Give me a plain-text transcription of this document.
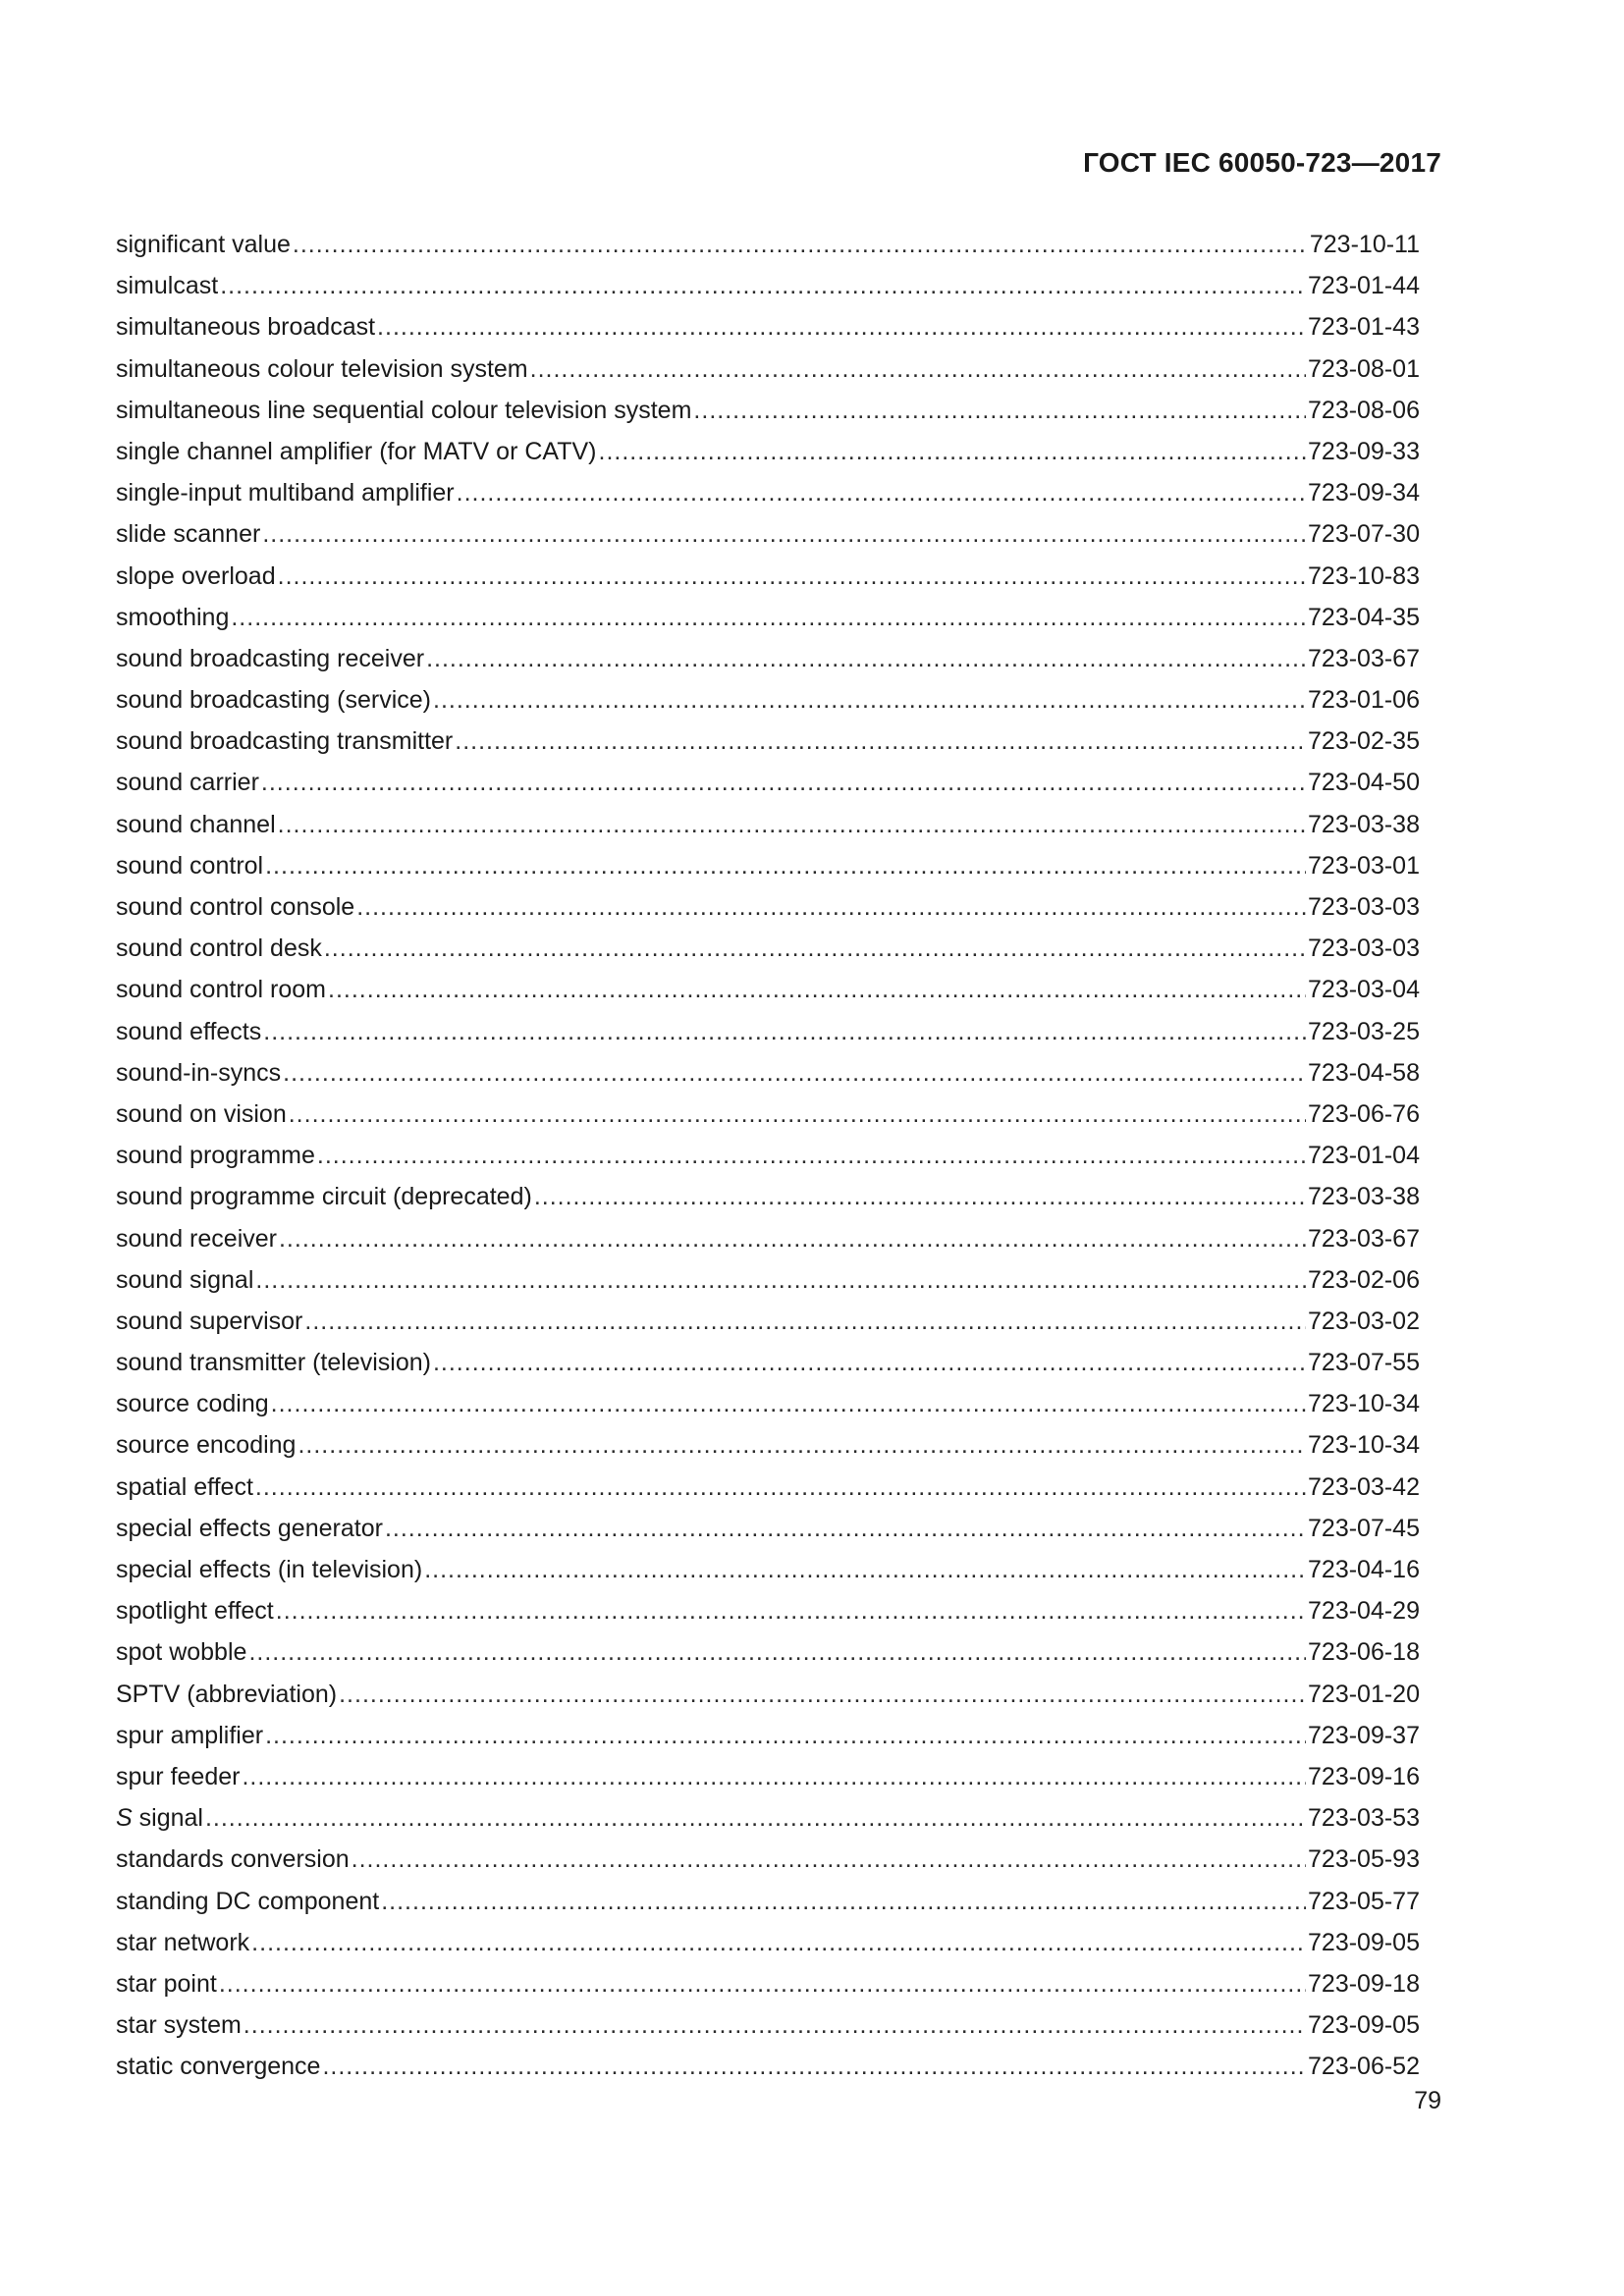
ГОСТ IEC 60050-723—2017
significant value .....	723-10-11
simulcast .....	723-01-44
simultaneous broadcast .....	723-01-43
simultaneous colour television system .....	723-08-01
simultaneous line sequential colour television system .....	723-08-06
single channel amplifier (for MATV or CATV) .....	723-09-33
single-input multiband amplifier .....	723-09-34
slide scanner .....	723-07-30
slope overload .....	723-10-83
smoothing .....	723-04-35
sound broadcasting receiver .....	723-03-67
sound broadcasting (service) .....	723-01-06
sound broadcasting transmitter .....	723-02-35
sound carrier .....	723-04-50
sound channel .....	723-03-38
sound control .....	723-03-01
sound control console .....	723-03-03
sound control desk .....	723-03-03
sound control room .....	723-03-04
sound effects .....	723-03-25
sound-in-syncs .....	723-04-58
sound on vision .....	723-06-76
sound programme .....	723-01-04
sound programme circuit (deprecated) .....	723-03-38
sound receiver .....	723-03-67
sound signal .....	723-02-06
sound supervisor .....	723-03-02
sound transmitter (television) .....	723-07-55
source coding .....	723-10-34
source encoding .....	723-10-34
spatial effect .....	723-03-42
special effects generator .....	723-07-45
special effects (in television) .....	723-04-16
spotlight effect .....	723-04-29
spot wobble .....	723-06-18
SPTV (abbreviation) .....	723-01-20
spur amplifier .....	723-09-37
spur feeder .....	723-09-16
S signal .....	723-03-53
standards conversion .....	723-05-93
standing DC component .....	723-05-77
star network .....	723-09-05
star point .....	723-09-18
star system .....	723-09-05
static convergence .....	723-06-52
79
